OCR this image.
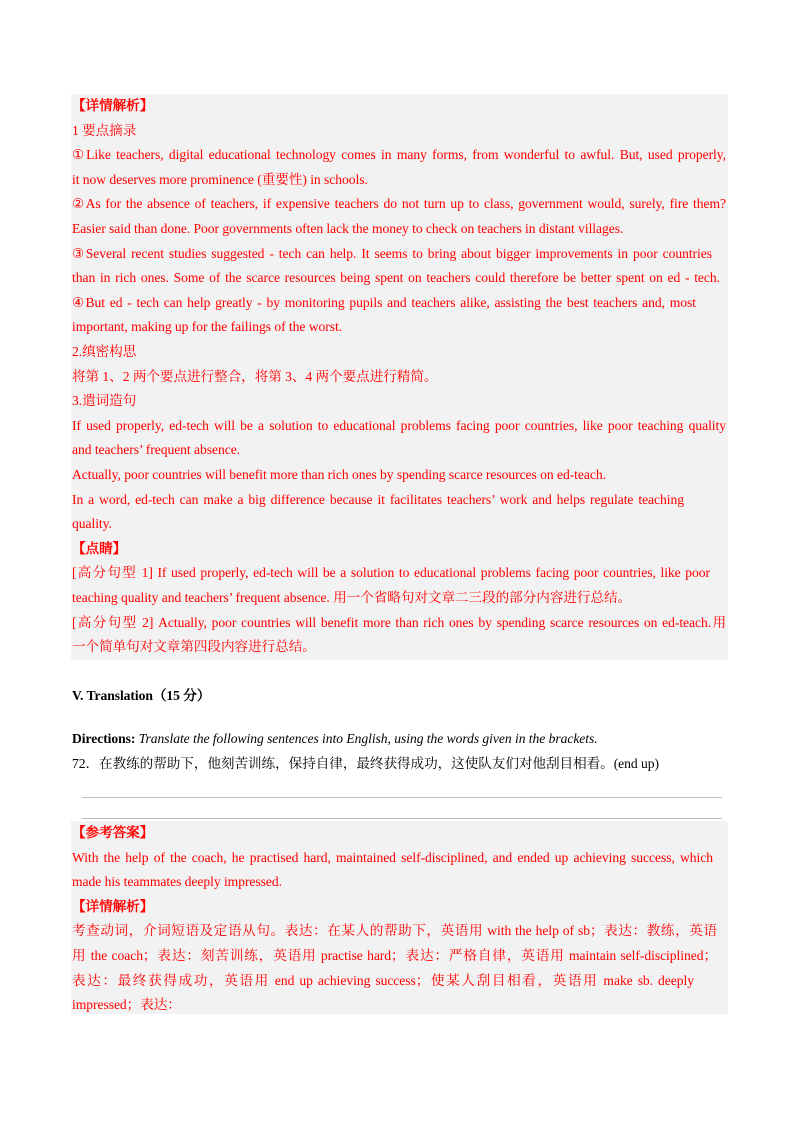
【详情解析】
1 要点摘录
①Like teachers, digital educational technology comes in many forms, from wonderful to awful. But, used properly,
it now deserves more prominence (重要性) in schools.
②As for the absence of teachers, if expensive teachers do not turn up to class, government would, surely, fire them?
Easier said than done. Poor governments often lack the money to check on teachers in distant villages.
③Several recent studies suggested - tech can help. It seems to bring about bigger improvements in poor countries
than in rich ones. Some of the scarce resources being spent on teachers could therefore be better spent on ed - tech.
④But ed - tech can help greatly - by monitoring pupils and teachers alike, assisting the best teachers and, most
important, making up for the failings of the worst.
2.缜密构思
将第 1、2 两个要点进行整合，将第 3、4 两个要点进行精简。
3.遣词造句
If used properly, ed-tech will be a solution to educational problems facing poor countries, like poor teaching quality
and teachers’ frequent absence.
Actually, poor countries will benefit more than rich ones by spending scarce resources on ed-teach.
In a word, ed-tech can make a big difference because it facilitates teachers’ work and helps regulate teaching
quality.
【点睛】
[高分句型 1] If used properly, ed-tech will be a solution to educational problems facing poor countries, like poor
teaching quality and teachers’ frequent absence. 用一个省略句对文章二三段的部分内容进行总结。
[高分句型 2] Actually, poor countries will benefit more than rich ones by spending scarce resources on ed-teach.用
一个简单句对文章第四段内容进行总结。
V. Translation（15 分）
Directions: Translate the following sentences into English, using the words given in the brackets.
72．在教练的帮助下，他刻苦训练，保持自律，最终获得成功，这使队友们对他刮目相看。(end up)
【参考答案】
With the help of the coach, he practised hard, maintained self-disciplined, and ended up achieving success, which
made his teammates deeply impressed.
【详情解析】
考查动词，介词短语及定语从句。表达：在某人的帮助下，英语用 with the help of sb；表达：教练，英语
用 the coach；表达：刻苦训练，英语用 practise hard；表达：严格自律，英语用 maintain self-disciplined；
表达：最终获得成功，英语用 end up achieving success；使某人刮目相看，英语用 make sb. deeply
impressed；表达：
